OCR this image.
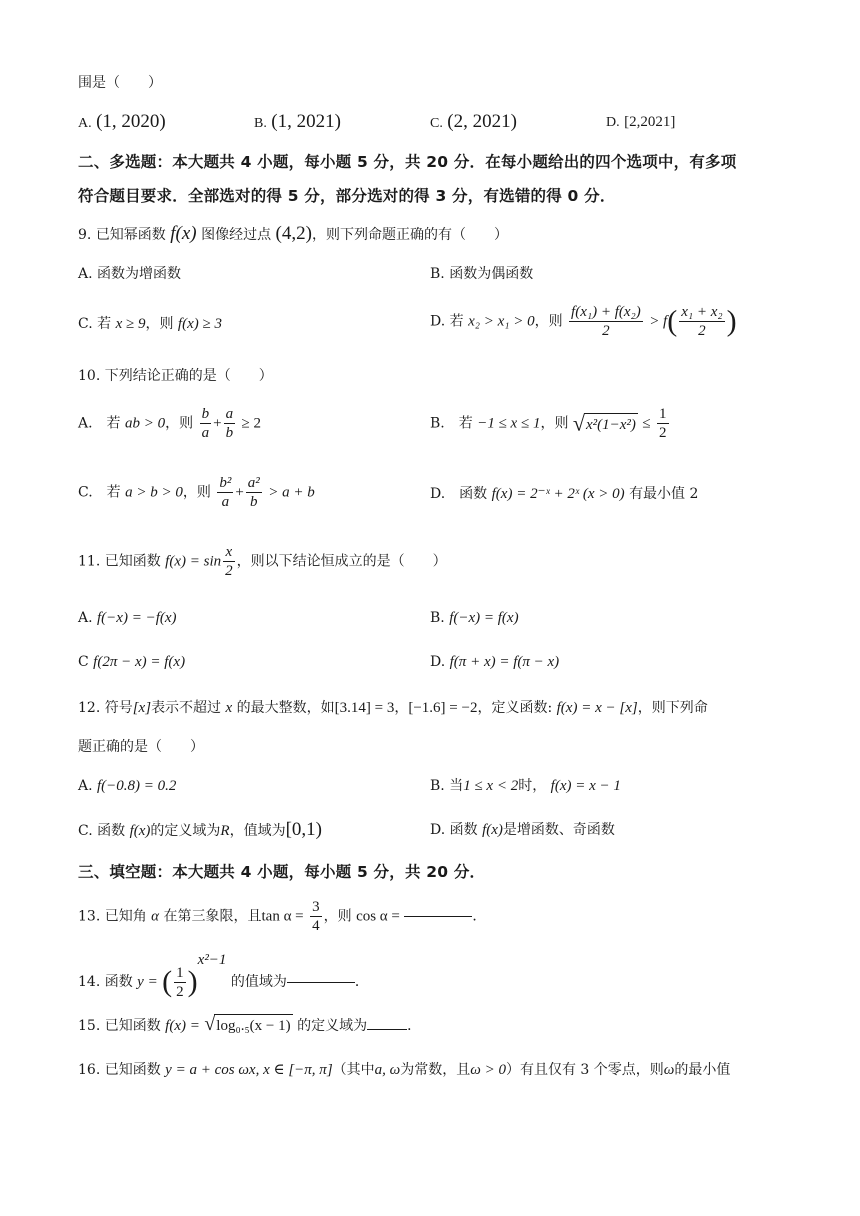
围是（　　）
A. (1, 2020)	B. (1, 2021)	C. (2, 2021)	D. [2,2021]
二、多选题：本大题共 4 小题，每小题 5 分，共 20 分．在每小题给出的四个选项中，有多项
符合题目要求．全部选对的得 5 分，部分选对的得 3 分，有选错的得 0 分．
9. 已知幂函数 f(x) 图像经过点 (4,2)，则下列命题正确的有（　　）
A. 函数为增函数	B. 函数为偶函数
C. 若 x ≥ 9，则 f(x) ≥ 3	D. 若 x₂ > x₁ > 0，则 $\frac{\text{f(x₁) + f(x₂)}}{2} > f( \frac{\text{x₁ + x₂}}{2}$ )
10. 下列结论正确的是（　　）
A.　若 ab > 0，则 $\frac{b}{a} + \frac{a}{b} \ge 2$	B.　若 −1 ≤ x ≤ 1，则 $√x^2(1-x^2) \le \frac{1}{2}$
C.　若 a > b > 0，则 $\frac{\text{b²}}{a} + \frac{\text{a²}}{b} > a + b$	D.　函数 f(x) = 2⁻ˣ + 2ˣ (x > 0) 有最小值 2
11. 已知函数 $f(x) = \sin \frac{x}{2}$ ，则以下结论恒成立的是（　　）
A. f(−x) = −f(x)	B. f(−x) = f(x)
C f(2π − x) = f(x)	D. f(π + x) = f(π − x)
12. 符号[x]表示不超过 x 的最大整数，如[3.14] = 3，[−1.6] = −2，定义函数: f(x) = x − [x]，则下列命
题正确的是（　　）
A. f(−0.8) = 0.2	B. 当1 ≤ x < 2时， f(x) = x − 1
C. 函数 f(x)的定义域为R，值域为[0,1)	D. 函数 f(x)是增函数、奇函数
三、填空题：本大题共 4 小题，每小题 5 分，共 20 分．
13. 已知角 α 在第三象限，且$\tan \alpha = \frac{3}{4}$ ，则 cos α =	．
14. 函数 y = ( $\frac{1}{2} )^{x^2-1}$ 的值域为	．
15. 已知函数 f(x) = √log₀.₅(x − 1) 的定义域为	．
16. 已知函数 y = a + cos ωx, x ∈ [−π, π]（其中a, ω为常数，且ω > 0）有且仅有 3 个零点，则ω的最小值
